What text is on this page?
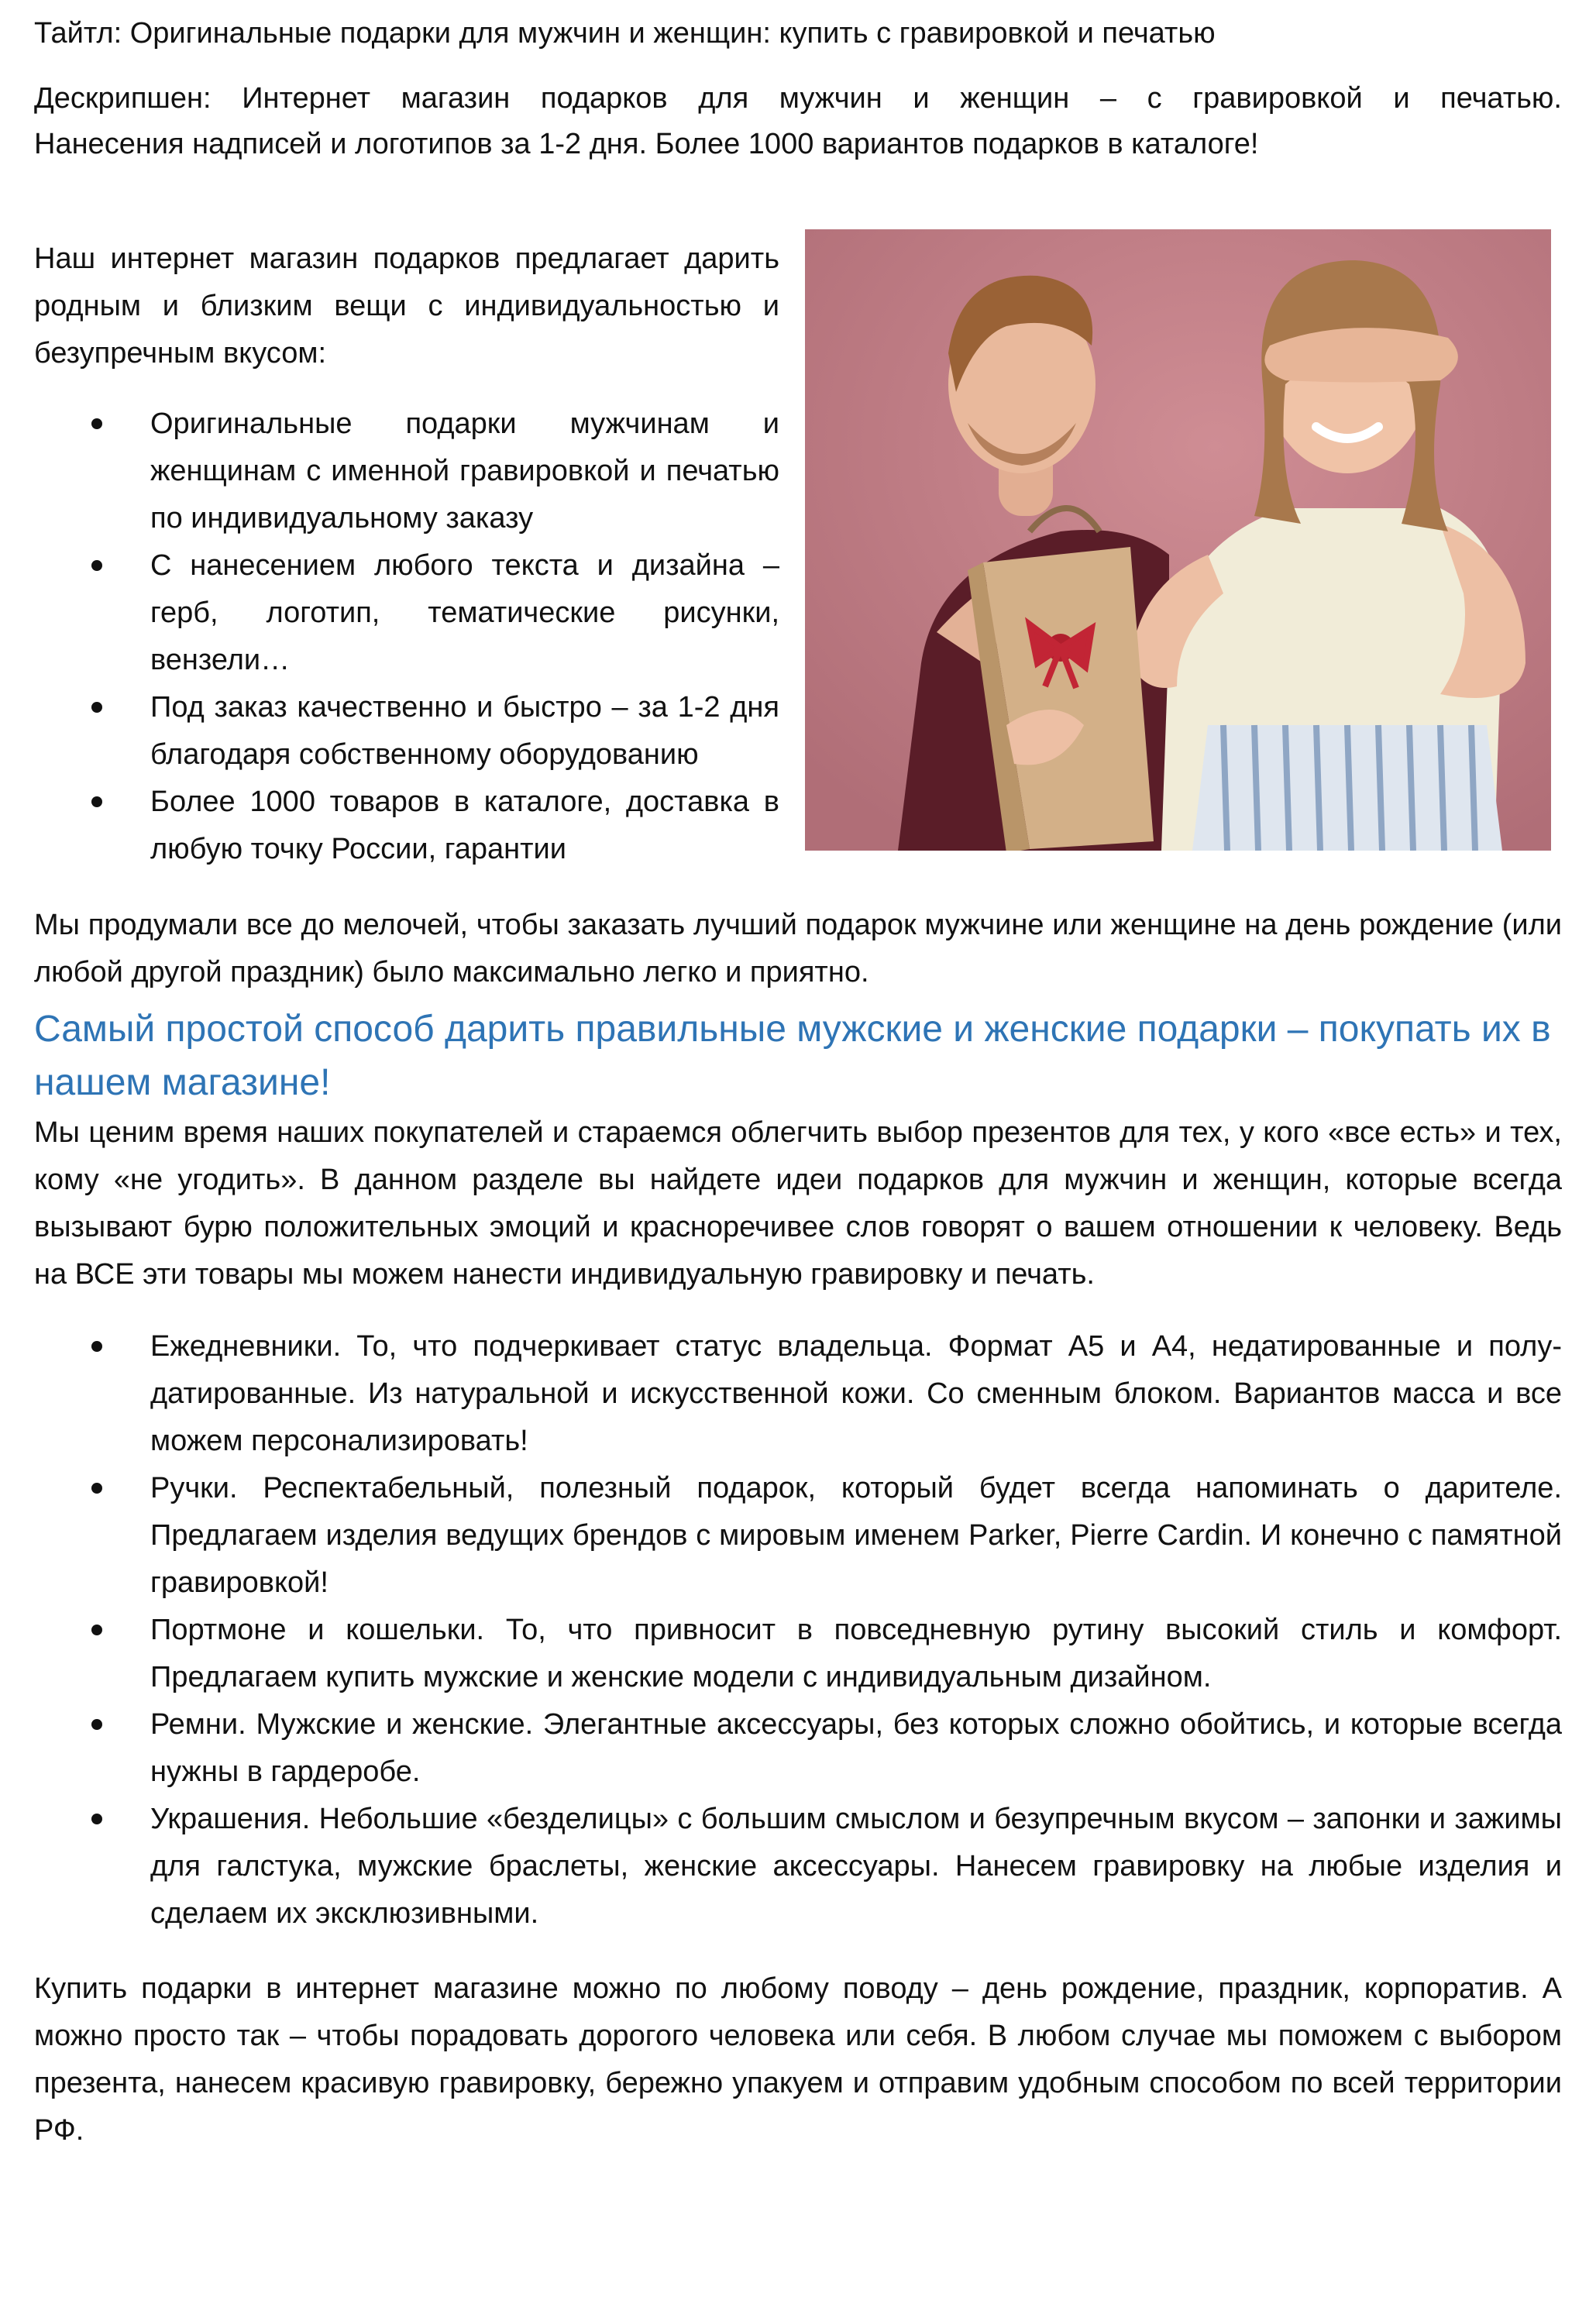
Тайтл: Оригинальные подарки для мужчин и женщин: купить с гравировкой и печатью

Дескрипшен: Интернет магазин подарков для мужчин и женщин – с гравировкой и печатью.

Нанесения надписей и логотипов за 1-2 дня. Более 1000 вариантов подарков в каталоге!

Наш интернет магазин подарков предлагает дарить родным и близким вещи с индивидуальностью и безупречным вкусом:

Оригинальные подарки мужчинам и женщинам с именной гравировкой и печатью по индивидуальному заказу
С нанесением любого текста и дизайна – герб, логотип, тематические рисунки, вензели…
Под заказ качественно и быстро – за 1-2 дня благодаря собственному оборудованию
Более 1000 товаров в каталоге, доставка в любую точку России, гарантии

Мы продумали все до мелочей, чтобы заказать лучший подарок мужчине или женщине на день рождение (или любой другой праздник) было максимально легко и приятно.

Самый простой способ дарить правильные мужские и женские подарки – покупать их в нашем магазине!

Мы ценим время наших покупателей и стараемся облегчить выбор презентов для тех, у кого «все есть» и тех, кому «не угодить». В данном разделе вы найдете идеи подарков для мужчин и женщин, которые всегда вызывают бурю положительных эмоций и красноречивее слов говорят о вашем отношении к человеку. Ведь на ВСЕ эти товары мы можем нанести индивидуальную гравировку и печать.

Ежедневники. То, что подчеркивает статус владельца. Формат А5 и А4, недатированные и полу-датированные. Из натуральной и искусственной кожи. Со сменным блоком. Вариантов масса и все можем персонализировать!
Ручки. Респектабельный, полезный подарок, который будет всегда напоминать о дарителе. Предлагаем изделия ведущих брендов с мировым именем Parker, Pierre Cardin. И конечно с памятной гравировкой!
Портмоне и кошельки. То, что привносит в повседневную рутину высокий стиль и комфорт. Предлагаем купить мужские и женские модели с индивидуальным дизайном.
Ремни. Мужские и женские. Элегантные аксессуары, без которых сложно обойтись, и которые всегда нужны в гардеробе.
Украшения. Небольшие «безделицы» с большим смыслом и безупречным вкусом – запонки и зажимы для галстука, мужские браслеты, женские аксессуары. Нанесем гравировку на любые изделия и сделаем их эксклюзивными.

Купить подарки в интернет магазине можно по любому поводу – день рождение, праздник, корпоратив. А можно просто так – чтобы порадовать дорогого человека или себя. В любом случае мы поможем с выбором презента, нанесем красивую гравировку, бережно упакуем и отправим удобным способом по всей территории РФ.
